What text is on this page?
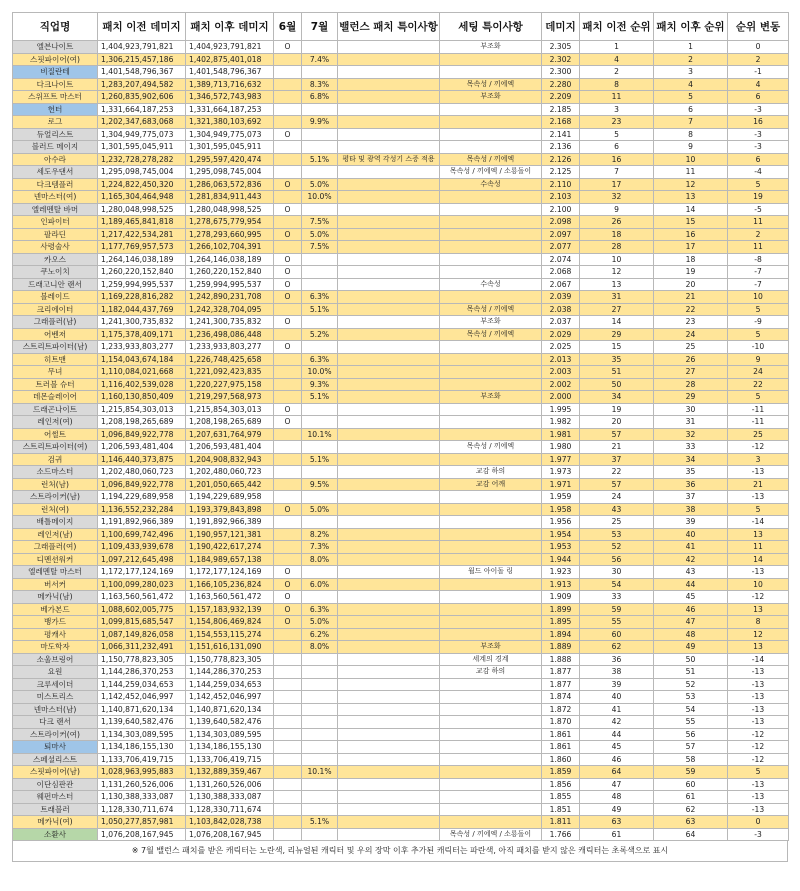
직업명	패치 이전 데미지	패치 이후 데미지	6월	7월	밸런스 패치 특이사항	세팅 특이사항	데미지	패치 이전 순위	패치 이후 순위	순위 변동
엘븐나이트	1,404,923,791,821	1,404,923,791,821	O			부조화	2.305	1	1	0
스핏파이어(여)	1,306,215,457,186	1,402,875,401,018		7.4%			2.302	4	2	2
비질란테	1,401,548,796,367	1,401,548,796,367					2.300	2	3	-1
다크나이트	1,283,207,494,582	1,389,713,716,632		8.3%		목속성 / 끼에엑	2.280	8	4	4
스위프트 마스터	1,260,835,902,606	1,346,572,743,983		6.8%		부조화	2.209	11	5	6
헌터	1,331,664,187,253	1,331,664,187,253					2.185	3	6	-3
로그	1,202,347,683,068	1,321,380,103,692		9.9%			2.168	23	7	16
듀얼리스트	1,304,949,775,073	1,304,949,775,073	O				2.141	5	8	-3
블러드 메이지	1,301,595,045,911	1,301,595,045,911					2.136	6	9	-3
아수라	1,232,728,278,282	1,295,597,420,474		5.1%	평타 및 광역 각성기 스증 적용	목속성 / 끼에엑	2.126	16	10	6
세도우댄서	1,295,098,745,004	1,295,098,745,004				목속성 / 끼에엑 / 소룡돌이	2.125	7	11	-4
다크템플러	1,224,822,450,320	1,286,063,572,836	O	5.0%		수속성	2.110	17	12	5
넨마스터(여)	1,165,304,464,948	1,281,834,911,443		10.0%			2.103	32	13	19
엘레멘탈 바머	1,280,048,998,525	1,280,048,998,525	O				2.100	9	14	-5
인파이터	1,189,465,841,818	1,278,675,779,954		7.5%			2.098	26	15	11
팔라딘	1,217,422,534,281	1,278,293,660,995	O	5.0%			2.097	18	16	2
사령술사	1,177,769,957,573	1,266,102,704,391		7.5%			2.077	28	17	11
카오스	1,264,146,038,189	1,264,146,038,189	O				2.074	10	18	-8
쿠노이치	1,260,220,152,840	1,260,220,152,840	O				2.068	12	19	-7
드래고니안 랜서	1,259,994,995,537	1,259,994,995,537	O			수속성	2.067	13	20	-7
블레이드	1,169,228,816,282	1,242,890,231,708	O	6.3%			2.039	31	21	10
크리에이터	1,182,044,437,769	1,242,328,704,095		5.1%		목속성 / 끼에엑	2.038	27	22	5
그래플러(남)	1,241,300,735,832	1,241,300,735,832	O			부조화	2.037	14	23	-9
어벤저	1,175,378,409,171	1,236,498,086,448		5.2%		목속성 / 끼에엑	2.029	29	24	5
스트리트파이터(남)	1,233,933,803,277	1,233,933,803,277	O				2.025	15	25	-10
히트맨	1,154,043,674,184	1,226,748,425,658		6.3%			2.013	35	26	9
무녀	1,110,084,021,668	1,221,092,423,835		10.0%			2.003	51	27	24
트러블 슈터	1,116,402,539,028	1,220,227,975,158		9.3%			2.002	50	28	22
데몬슬레이어	1,160,130,850,409	1,219,297,568,973		5.1%		부조화	2.000	34	29	5
드래곤나이트	1,215,854,303,013	1,215,854,303,013	O				1.995	19	30	-11
레인저(여)	1,208,198,265,689	1,208,198,265,689	O				1.982	20	31	-11
어썰트	1,096,849,922,778	1,207,631,764,979		10.1%			1.981	57	32	25
스트리트파이터(여)	1,206,593,481,404	1,206,593,481,404				목속성 / 끼에엑	1.980	21	33	-12
검귀	1,146,440,373,875	1,204,908,832,943		5.1%			1.977	37	34	3
소드마스터	1,202,480,060,723	1,202,480,060,723				교감 하의	1.973	22	35	-13
런처(남)	1,096,849,922,778	1,201,050,665,442		9.5%		교감 어깨	1.971	57	36	21
스트라이커(남)	1,194,229,689,958	1,194,229,689,958					1.959	24	37	-13
런처(여)	1,136,552,232,284	1,193,379,843,898	O	5.0%			1.958	43	38	5
배틀메이지	1,191,892,966,389	1,191,892,966,389					1.956	25	39	-14
레인저(남)	1,100,699,742,496	1,190,957,121,381		8.2%			1.954	53	40	13
그래플러(여)	1,109,433,939,678	1,190,422,617,274		7.3%			1.953	52	41	11
디멘션워커	1,097,212,645,498	1,184,989,657,138		8.0%			1.944	56	42	14
엘레멘탈 마스터	1,172,177,124,169	1,172,177,124,169	O			월드 아이돌 링	1.923	30	43	-13
버서커	1,100,099,280,023	1,166,105,236,824	O	6.0%			1.913	54	44	10
메카닉(남)	1,163,560,561,472	1,163,560,561,472	O				1.909	33	45	-12
베가본드	1,088,602,005,775	1,157,183,932,139	O	6.3%			1.899	59	46	13
뱅가드	1,099,815,685,547	1,154,806,469,824	O	5.0%			1.895	55	47	8
평캐사	1,087,149,826,058	1,154,553,115,274		6.2%			1.894	60	48	12
마도학자	1,066,311,232,491	1,151,616,131,090		8.0%		부조화	1.889	62	49	13
소울브링어	1,150,778,823,305	1,150,778,823,305				세계의 경계	1.888	36	50	-14
요원	1,144,286,370,253	1,144,286,370,253				교감 하의	1.877	38	51	-13
크루세이더	1,144,259,034,653	1,144,259,034,653					1.877	39	52	-13
미스트리스	1,142,452,046,997	1,142,452,046,997					1.874	40	53	-13
넨마스터(남)	1,140,871,620,134	1,140,871,620,134					1.872	41	54	-13
다크 랜서	1,139,640,582,476	1,139,640,582,476					1.870	42	55	-13
스트라이커(여)	1,134,303,089,595	1,134,303,089,595					1.861	44	56	-12
퇴마사	1,134,186,155,130	1,134,186,155,130					1.861	45	57	-12
스페셜리스트	1,133,706,419,715	1,133,706,419,715					1.860	46	58	-12
스핏파이어(남)	1,028,963,995,883	1,132,889,359,467		10.1%			1.859	64	59	5
이단심판관	1,131,260,526,006	1,131,260,526,006					1.856	47	60	-13
웨펀마스터	1,130,388,333,087	1,130,388,333,087					1.855	48	61	-13
트래블러	1,128,330,711,674	1,128,330,711,674					1.851	49	62	-13
메카닉(여)	1,050,277,857,981	1,103,842,028,738		5.1%			1.811	63	63	0
소환사	1,076,208,167,945	1,076,208,167,945				목속성 / 끼에엑 / 소룡돌이	1.766	61	64	-3
※ 7월 밸런스 패치를 받은 캐릭터는 노란색, 리뉴얼된 캐릭터 및 우의 장막 이후 추가된 캐릭터는 파란색, 아직 패치를 받지 않은 캐릭터는 초록색으로 표시
